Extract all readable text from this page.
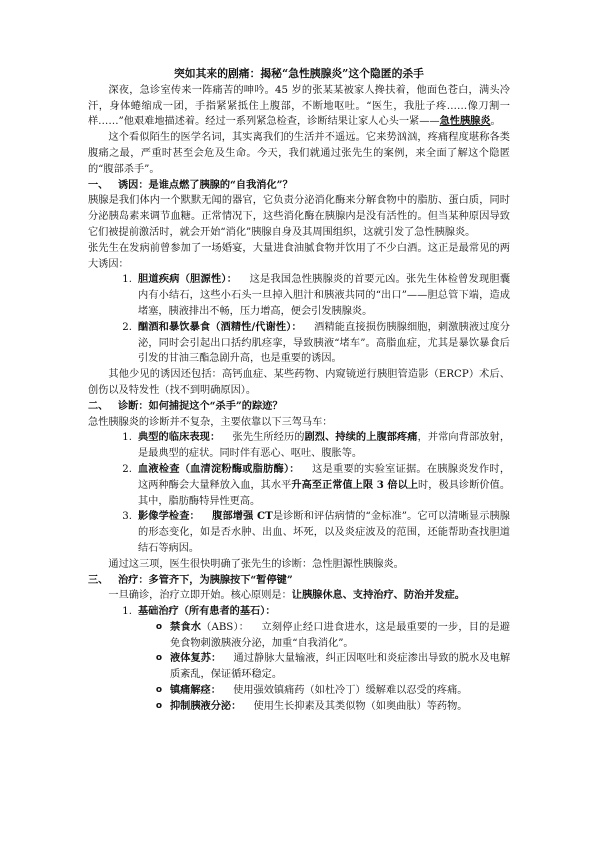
突如其来的剧痛：揭秘“急性胰腺炎”这个隐匿的杀手

深夜，急诊室传来一阵痛苦的呻吟。45 岁的张某某被家人搀扶着，他面色苍白，满头冷汗，身体蜷缩成一团，手指紧紧抵住上腹部，不断地呕吐。“医生，我肚子疼……像刀割一样……”他艰难地描述着。经过一系列紧急检查，诊断结果让家人心头一紧——急性胰腺炎。

这个看似陌生的医学名词，其实离我们的生活并不遥远。它来势汹汹，疼痛程度堪称各类腹痛之最，严重时甚至会危及生命。今天，我们就通过张先生的案例，来全面了解这个隐匿的“腹部杀手”。

一、 诱因：是谁点燃了胰腺的“自我消化”？

胰腺是我们体内一个默默无闻的器官，它负责分泌消化酶来分解食物中的脂肪、蛋白质，同时分泌胰岛素来调节血糖。正常情况下，这些消化酶在胰腺内是没有活性的。但当某种原因导致它们被提前激活时，就会开始“消化”胰腺自身及其周围组织，这就引发了急性胰腺炎。

张先生在发病前曾参加了一场婚宴，大量进食油腻食物并饮用了不少白酒。这正是最常见的两大诱因：

1. 胆道疾病（胆源性）： 这是我国急性胰腺炎的首要元凶。张先生体检曾发现胆囊内有小结石，这些小石头一旦掉入胆汁和胰液共同的“出口”——胆总管下端，造成堵塞，胰液排出不畅，压力增高，便会引发胰腺炎。
2. 酗酒和暴饮暴食（酒精性/代谢性）： 酒精能直接损伤胰腺细胞，刺激胰液过度分泌，同时会引起出口括约肌痉挛，导致胰液“堵车”。高脂血症，尤其是暴饮暴食后引发的甘油三酯急剧升高，也是重要的诱因。

其他少见的诱因还包括：高钙血症、某些药物、内窥镜逆行胰胆管造影（ERCP）术后、创伤以及特发性（找不到明确原因）。

二、 诊断：如何捕捉这个“杀手”的踪迹？

急性胰腺炎的诊断并不复杂，主要依靠以下三驾马车：

1. 典型的临床表现： 张先生所经历的剧烈、持续的上腹部疼痛，并常向背部放射，是最典型的症状。同时伴有恶心、呕吐、腹胀等。
2. 血液检查（血清淀粉酶或脂肪酶）： 这是重要的实验室证据。在胰腺炎发作时，这两种酶会大量释放入血，其水平升高至正常值上限 3 倍以上时，极具诊断价值。其中，脂肪酶特异性更高。
3. 影像学检查： 腹部增强 CT是诊断和评估病情的“金标准”。它可以清晰显示胰腺的形态变化，如是否水肿、出血、坏死，以及炎症波及的范围，还能帮助查找胆道结石等病因。

通过这三项，医生很快明确了张先生的诊断：急性胆源性胰腺炎。

三、 治疗：多管齐下，为胰腺按下“暂停键”

一旦确诊，治疗立即开始。核心原则是：让胰腺休息、支持治疗、防治并发症。

1. 基础治疗（所有患者的基石）：
o 禁食水（ABS）： 立刻停止经口进食进水，这是最重要的一步，目的是避免食物刺激胰液分泌，加重“自我消化”。
o 液体复苏： 通过静脉大量输液，纠正因呕吐和炎症渗出导致的脱水及电解质紊乱，保证循环稳定。
o 镇痛解痉： 使用强效镇痛药（如杜冷丁）缓解难以忍受的疼痛。
o 抑制胰液分泌： 使用生长抑素及其类似物（如奥曲肽）等药物。
